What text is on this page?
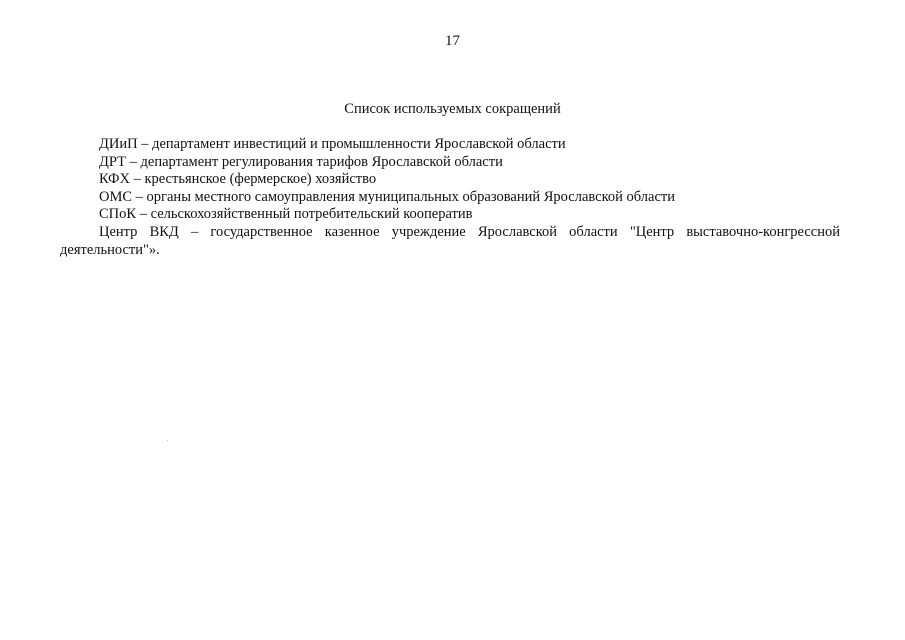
17
Список используемых сокращений

ДИиП – департамент инвестиций и промышленности Ярославской области

ДРТ – департамент регулирования тарифов Ярославской области

КФХ – крестьянское (фермерское) хозяйство

ОМС – органы местного самоуправления муниципальных образований Ярославской области

СПоК – сельскохозяйственный потребительский кооператив

Центр ВКД – государственное казенное учреждение Ярославской области "Центр выставочно-конгрессной деятельности"».
